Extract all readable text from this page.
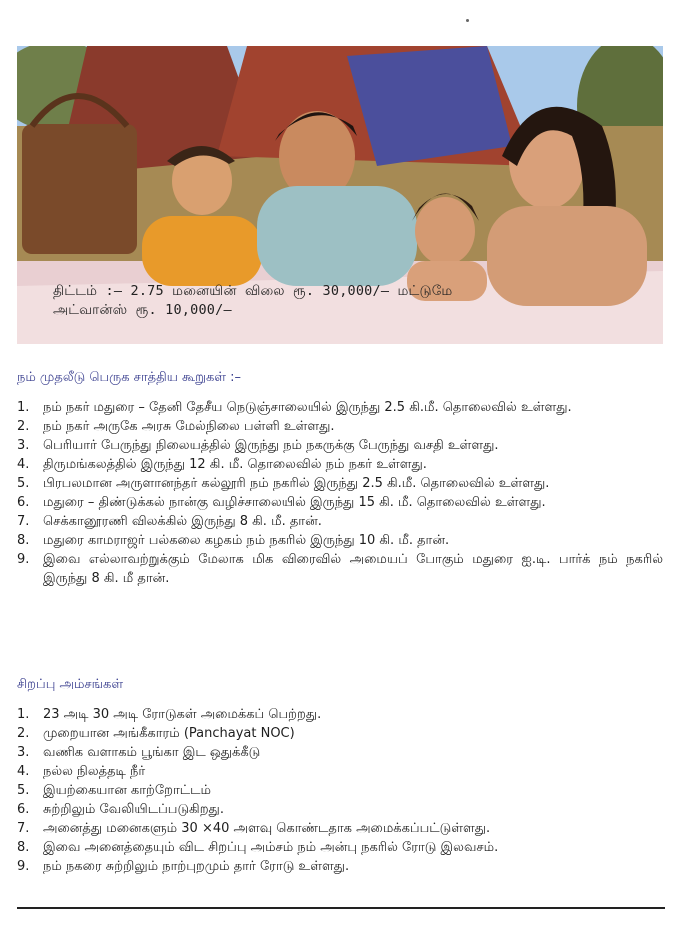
திட்டம் :– 2.75 மனையின் விலை ரூ. 30,000/– மட்டுமே
அட்வான்ஸ் ரூ. 10,000/–
நம் முதலீடு பெருக சாத்திய கூறுகள் :–
1. நம் நகர் மதுரை – தேனி தேசீய நெடுஞ்சாலையில் இருந்து 2.5 கி.மீ. தொலைவில் உள்ளது.
2. நம் நகர் அருகே அரசு மேல்நிலை பள்ளி உள்ளது.
3. பெரியார் பேருந்து நிலையத்தில் இருந்து நம் நகருக்கு பேருந்து வசதி உள்ளது.
4. திருமங்கலத்தில் இருந்து 12 கி. மீ. தொலைவில் நம் நகர் உள்ளது.
5. பிரபலமான அருளானந்தர் கல்லூரி நம் நகரில் இருந்து 2.5 கி.மீ. தொலைவில் உள்ளது.
6. மதுரை – திண்டுக்கல் நான்கு வழிச்சாலையில் இருந்து 15 கி. மீ. தொலைவில் உள்ளது.
7. செக்கானூரணி விலக்கில் இருந்து 8 கி. மீ. தான்.
8. மதுரை காமராஜர் பல்கலை கழகம் நம் நகரில் இருந்து 10 கி. மீ. தான்.
9. இவை எல்லாவற்றுக்கும் மேலாக மிக விரைவில் அமையப் போகும் மதுரை ஐ.டி. பார்க் நம் நகரில் இருந்து 8 கி. மீ தான்.
சிறப்பு அம்சங்கள்
1. 23 அடி 30 அடி ரோடுகள் அமைக்கப் பெற்றது.
2. முறையான அங்கீகாரம் (Panchayat NOC)
3. வணிக வளாகம் பூங்கா இட ஒதுக்கீடு
4. நல்ல நிலத்தடி நீர்
5. இயற்கையான காற்றோட்டம்
6. சுற்றிலும் வேலியிடப்படுகிறது.
7. அனைத்து மனைகளும் 30 ×40 அளவு கொண்டதாக அமைக்கப்பட்டுள்ளது.
8. இவை அனைத்தையும் விட சிறப்பு அம்சம் நம் அன்பு நகரில் ரோடு இலவசம்.
9. நம் நகரை சுற்றிலும் நாற்புறமும் தார் ரோடு உள்ளது.
